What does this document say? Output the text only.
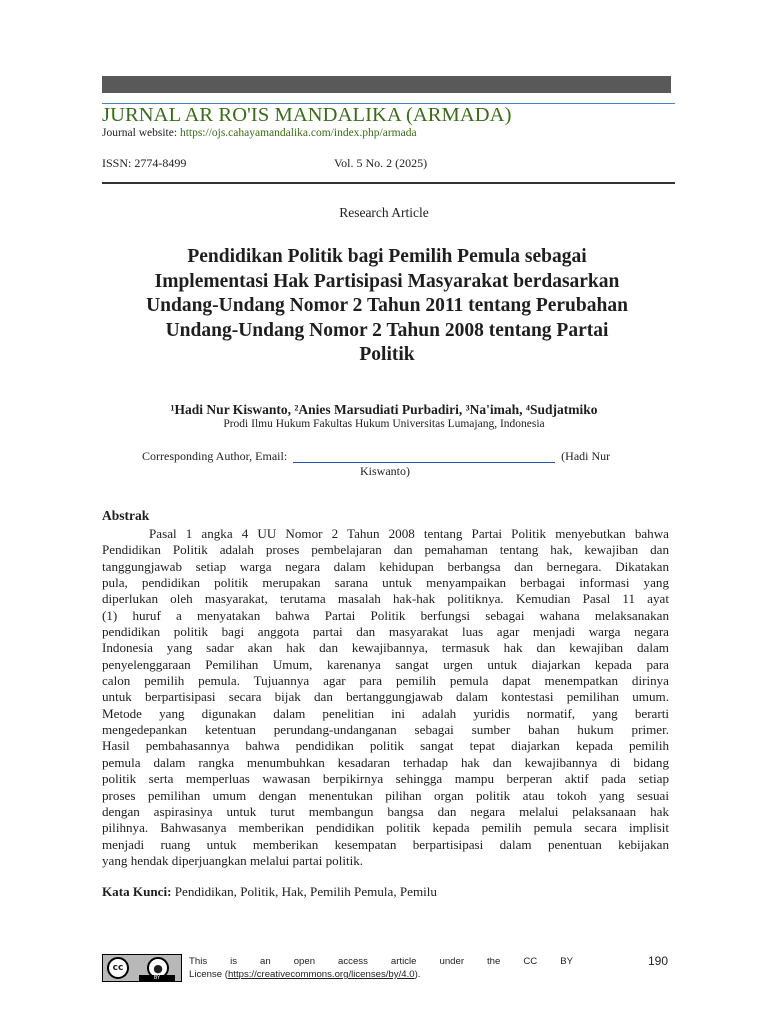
JURNAL AR RO'IS MANDALIKA (ARMADA)
Journal website: https://ojs.cahayamandalika.com/index.php/armada
ISSN: 2774-8499	Vol. 5 No. 2 (2025)
Research Article
Pendidikan Politik bagi Pemilih Pemula sebagai
Implementasi Hak Partisipasi Masyarakat berdasarkan
Undang-Undang Nomor 2 Tahun 2011 tentang Perubahan
Undang-Undang Nomor 2 Tahun 2008 tentang Partai
Politik
¹Hadi Nur Kiswanto, ²Anies Marsudiati Purbadiri, ³Na'imah, ⁴Sudjatmiko
Prodi Ilmu Hukum Fakultas Hukum Universitas Lumajang, Indonesia
Corresponding Author, Email:	(Hadi Nur
Kiswanto)
Abstrak
Pasal 1 angka 4 UU Nomor 2 Tahun 2008 tentang Partai Politik menyebutkan bahwa
Pendidikan Politik adalah proses pembelajaran dan pemahaman tentang hak, kewajiban dan
tanggungjawab setiap warga negara dalam kehidupan berbangsa dan bernegara. Dikatakan
pula, pendidikan politik merupakan sarana untuk menyampaikan berbagai informasi yang
diperlukan oleh masyarakat, terutama masalah hak-hak politiknya. Kemudian Pasal 11 ayat
(1) huruf a menyatakan bahwa Partai Politik berfungsi sebagai wahana melaksanakan
pendidikan politik bagi anggota partai dan masyarakat luas agar menjadi warga negara
Indonesia yang sadar akan hak dan kewajibannya, termasuk hak dan kewajiban dalam
penyelenggaraan Pemilihan Umum, karenanya sangat urgen untuk diajarkan kepada para
calon pemilih pemula. Tujuannya agar para pemilih pemula dapat menempatkan dirinya
untuk berpartisipasi secara bijak dan bertanggungjawab dalam kontestasi pemilihan umum.
Metode yang digunakan dalam penelitian ini adalah yuridis normatif, yang berarti
mengedepankan ketentuan perundang-undanganan sebagai sumber bahan hukum primer.
Hasil pembahasannya bahwa pendidikan politik sangat tepat diajarkan kepada pemilih
pemula dalam rangka menumbuhkan kesadaran terhadap hak dan kewajibannya di bidang
politik serta memperluas wawasan berpikirnya sehingga mampu berperan aktif pada setiap
proses pemilihan umum dengan menentukan pilihan organ politik atau tokoh yang sesuai
dengan aspirasinya untuk turut membangun bangsa dan negara melalui pelaksanaan hak
pilihnya. Bahwasanya memberikan pendidikan politik kepada pemilih pemula secara implisit
menjadi ruang untuk memberikan kesempatan berpartisipasi dalam penentuan kebijakan
yang hendak diperjuangkan melalui partai politik.
Kata Kunci: Pendidikan, Politik, Hak, Pemilih Pemula, Pemilu
cc	●
BY
This is an open access article under the CC BY
License (https://creativecommons.org/licenses/by/4.0).
190
